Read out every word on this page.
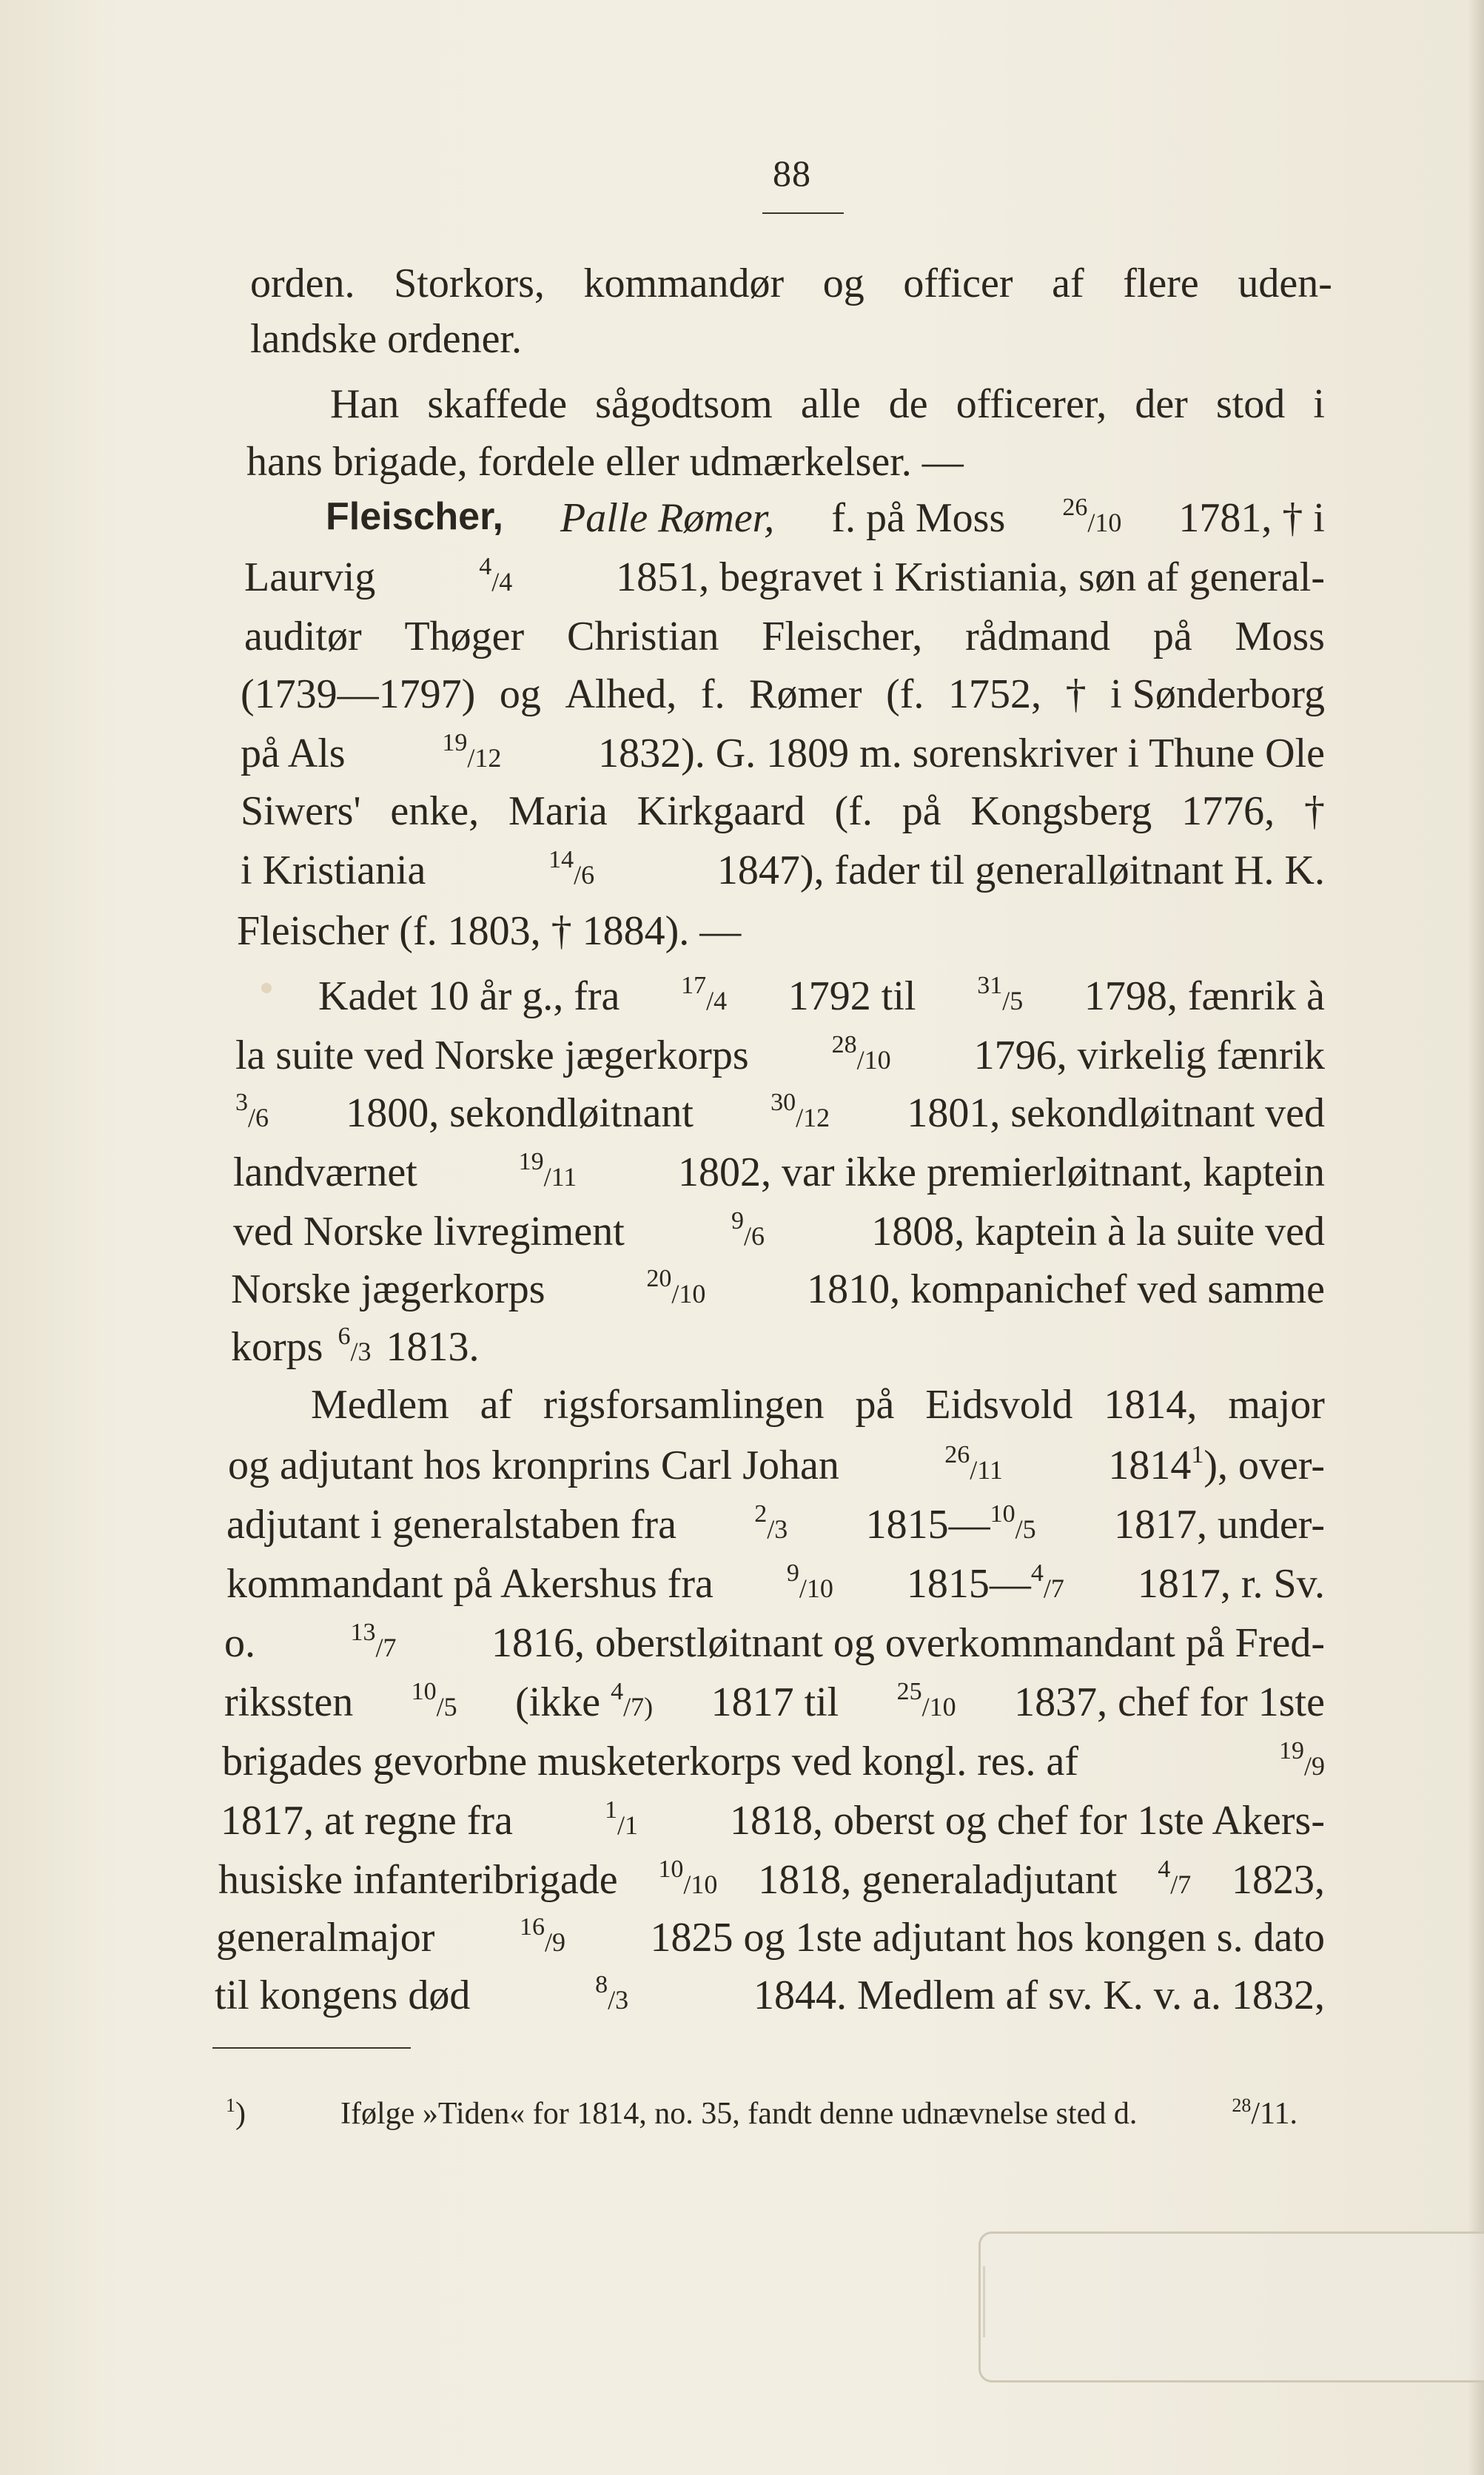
88
orden. Storkors, kommandør og officer af flere uden-
landske ordener.
Han skaffede sågodtsom alle de officerer, der stod i
hans brigade, fordele eller udmærkelser. —
Fleischer, Palle Rømer, f. på Moss $^{26}$/10 1781, † i
Laurvig	$^4$/4 1851, begravet i Kristiania, søn af general-
auditør Thøger Christian Fleischer, rådmand på Moss
(1739—1797) og Alhed, f. Rømer (f. 1752, † i Sønderborg
på Als	$^{19}$/12 1832). G. 1809 m. sorenskriver i Thune Ole
Siwers' enke, Maria Kirkgaard (f. på Kongsberg 1776, †
i Kristiania	$^{14}$/6	1847), fader til generalløitnant H. K.
Fleischer (f. 1803, † 1884). —
Kadet 10 år g., fra $^{17}$/4 1792 til $^{31}$/5 1798, fænrik à
la suite ved Norske jægerkorps	$^{28}$/10 1796, virkelig fænrik
$^3$/6 1800, sekondløitnant	$^{30}$/12 1801, sekondløitnant ved
landværnet	$^{19}$/11 1802, var ikke premierløitnant, kaptein
ved Norske livregiment	$^9$/6	1808, kaptein à la suite ved
Norske jægerkorps	$^{20}$/10 1810, kompanichef ved samme
korps $^6$/3 1813.
Medlem af rigsforsamlingen på Eidsvold 1814, major
og adjutant hos kronprins Carl Johan	$^{26}$/11	1814$^1$), over-
adjutant i generalstaben fra	$^2$/3 1815—$^{10}$/5 1817, under-
kommandant på Akershus fra	$^9$/10 1815—$^4$/7 1817, r. Sv.
o.	$^{13}$/7 1816, oberstløitnant og overkommandant på Fred-
rikssten $^{10}$/5 (ikke $^4$/7) 1817 til $^{25}$/10 1837, chef for 1ste
brigades gevorbne musketerkorps ved kongl. res. af	$^{19}$/9
1817, at regne fra	$^1$/1 1818, oberst og chef for 1ste Akers-
husiske infanteribrigade $^{10}$/10 1818, generaladjutant $^4$/7 1823,
generalmajor	$^{16}$/9 1825 og 1ste adjutant hos kongen s. dato
til kongens død	$^8$/3	1844. Medlem af sv. K. v. a. 1832,
$^1$)	Ifølge »Tiden« for 1814, no. 35, fandt denne udnævnelse sted d.	$^{28}$/11.
